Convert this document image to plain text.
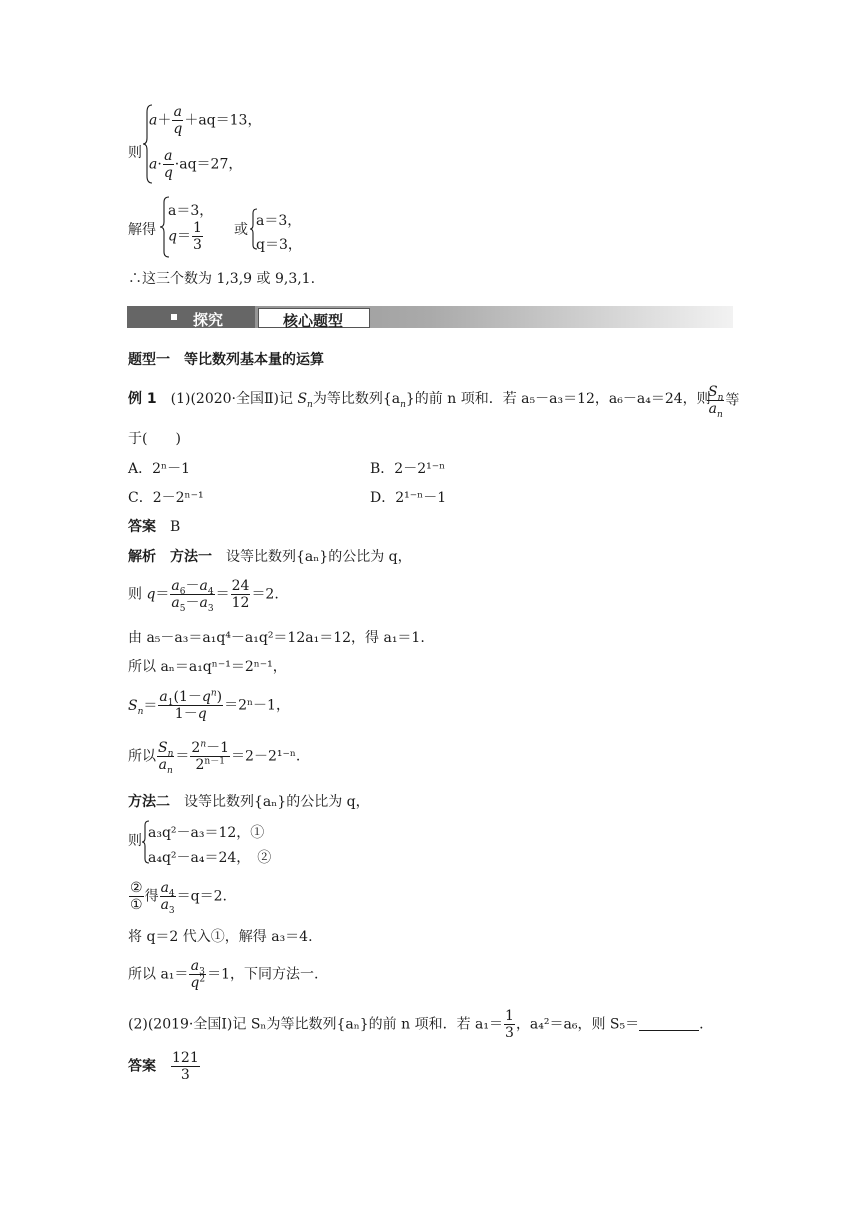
则
$a+ \frac{a}{q} +aq=13$，
$a\cdot \frac{a}{q} \cdot aq=27$，
解得
a＝3，
$q= \frac{1}{3}$ 或
a＝3，
q＝3，
∴这三个数为 1,3,9 或 9,3,1.
探究	核心题型
题型一　等比数列基本量的运算
例 1　 (1)(2020·全国Ⅱ)记 $S_n$为等比数列$\{a_n\}$的前 n 项和．若 a₅－a₃＝12，a₆－a₄＝24，则
$\frac{S_n}{a_n}$ 等
于(　　)
A．2ⁿ－1	B．2－2¹⁻ⁿ
C．2－2ⁿ⁻¹	D．2¹⁻ⁿ－1
答案　 B
解析　 方法一　 设等比数列{aₙ}的公比为 q，
则 $q= \frac{a_6-a_4}{a_5-a_3} = \frac{24}{12} =2$.
由 a₅－a₃＝a₁q⁴－a₁q²＝12a₁＝12，得 a₁＝1.
所以 aₙ＝a₁qⁿ⁻¹＝2ⁿ⁻¹，
$S_n= \frac{a_1(1-q^n)}{1-q} =2^n-1$，
所以 $\frac{S_n}{a_n} = \frac{2^n-1}{2^{n-1}} =2-2^{1-n}$.
方法二　 设等比数列{aₙ}的公比为 q，
则 a₃q²－a₃＝12，①
a₄q²－a₄＝24，　②
$\frac{\text{②}}{\text{①}}$ 得 $\frac{a_4}{a_3} =q=2$.
将 q＝2 代入①，解得 a₃＝4.
所以 $a_1= \frac{a_3}{q^2} =1$，下同方法一.
(2)(2019·全国Ⅰ)记 Sₙ为等比数列{aₙ}的前 n 项和．若 $a_1= \frac{1}{3}$ ，a₄²＝a₆，则 S₅＝	.
答案　 $\frac{121}{3}$
